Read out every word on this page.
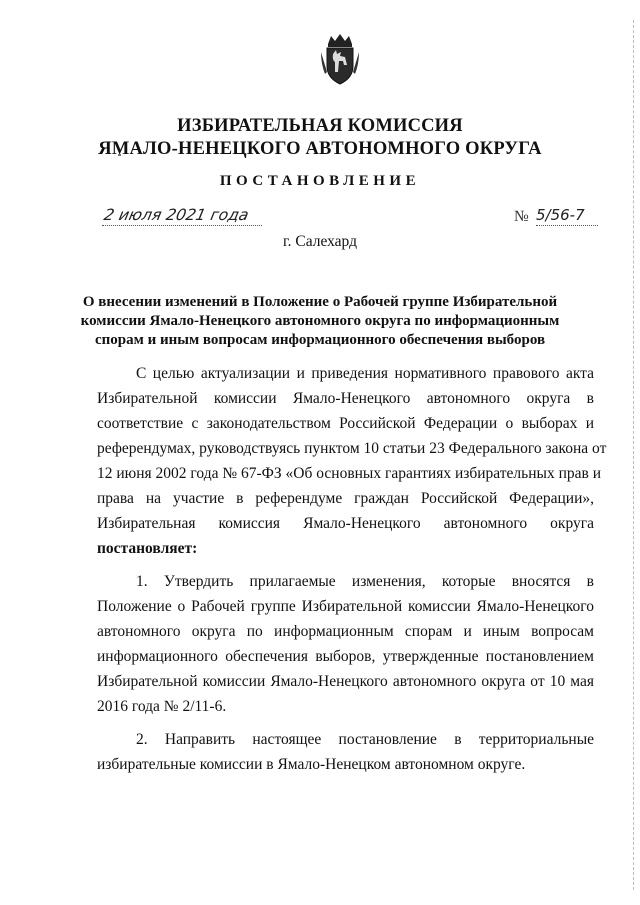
ИЗБИРАТЕЛЬНАЯ КОМИССИЯ
ЯМАЛО-НЕНЕЦКОГО АВТОНОМНОГО ОКРУГА
ПОСТАНОВЛЕНИЕ
2 июля 2021 года	№ 5/56-7
г. Салехард
О внесении изменений в Положение о Рабочей группе Избирательной
комиссии Ямало-Ненецкого автономного округа по информационным
спорам и иным вопросам информационного обеспечения выборов
С целью актуализации и приведения нормативного правового акта
Избирательной комиссии Ямало-Ненецкого автономного округа в
соответствие с законодательством Российской Федерации о выборах и
референдумах, руководствуясь пунктом 10 статьи 23 Федерального закона от
12 июня 2002 года № 67-ФЗ «Об основных гарантиях избирательных прав и
права на участие в референдуме граждан Российской Федерации»,
Избирательная комиссия Ямало-Ненецкого автономного округа
постановляет:
1. Утвердить прилагаемые изменения, которые вносятся в
Положение о Рабочей группе Избирательной комиссии Ямало-Ненецкого
автономного округа по информационным спорам и иным вопросам
информационного обеспечения выборов, утвержденные постановлением
Избирательной комиссии Ямало-Ненецкого автономного округа от 10 мая
2016 года № 2/11-6.
2. Направить настоящее постановление в территориальные
избирательные комиссии в Ямало-Ненецком автономном округе.
